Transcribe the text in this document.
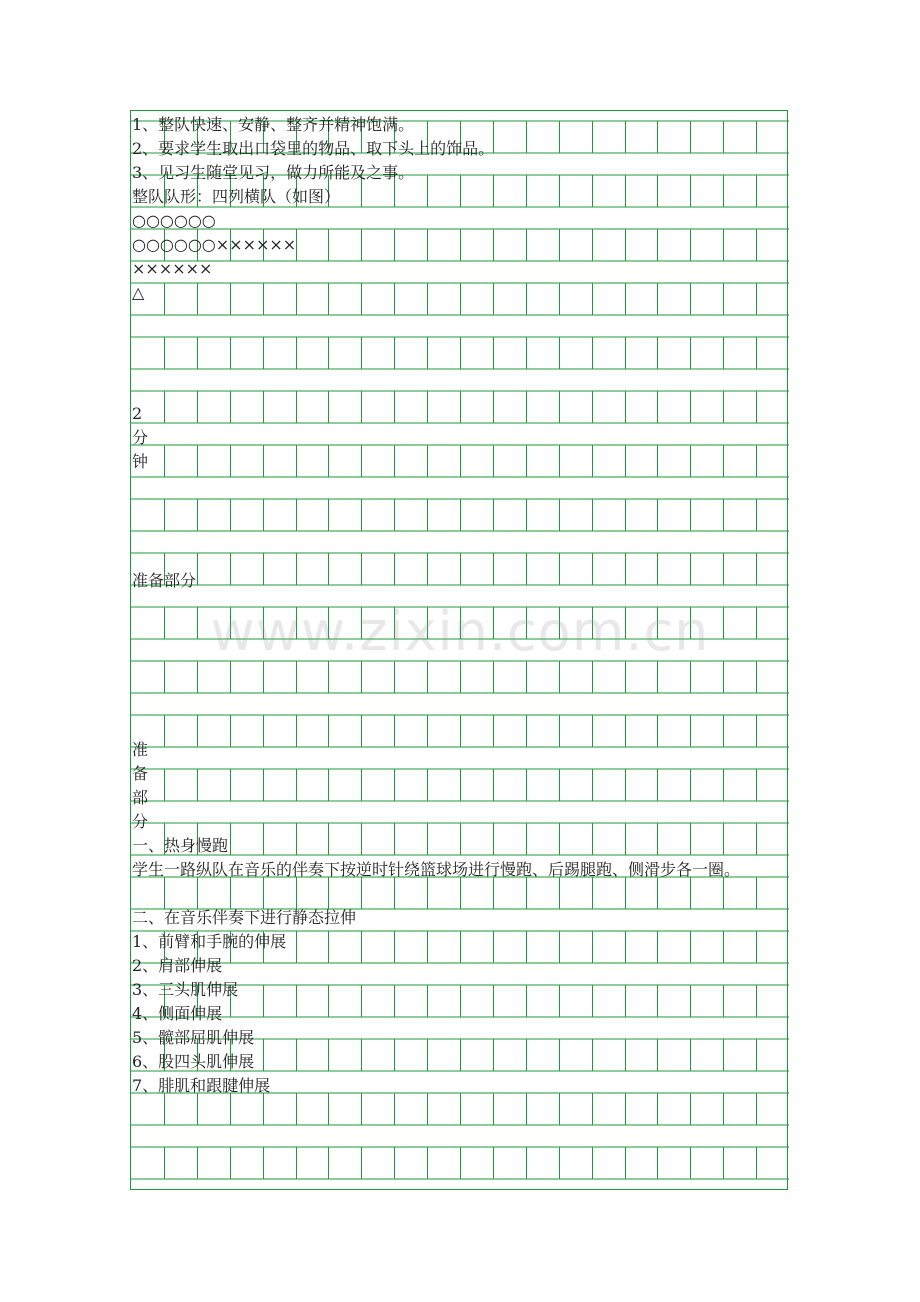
1、整队快速、安静、整齐并精神饱满。
2、要求学生取出口袋里的物品、取下头上的饰品。
3、见习生随堂见习，做力所能及之事。
整队队形：四列横队（如图）
○○○○○○
○○○○○○××××××
××××××
△
2
分
钟
准备部分
准
备
部
分
一、热身慢跑
学生一路纵队在音乐的伴奏下按逆时针绕篮球场进行慢跑、后踢腿跑、侧滑步各一圈。
二、在音乐伴奏下进行静态拉伸
1、前臂和手腕的伸展
2、肩部伸展
3、三头肌伸展
4、侧面伸展
5、髋部屈肌伸展
6、股四头肌伸展
7、腓肌和跟腱伸展
www.zixin.com.cn
